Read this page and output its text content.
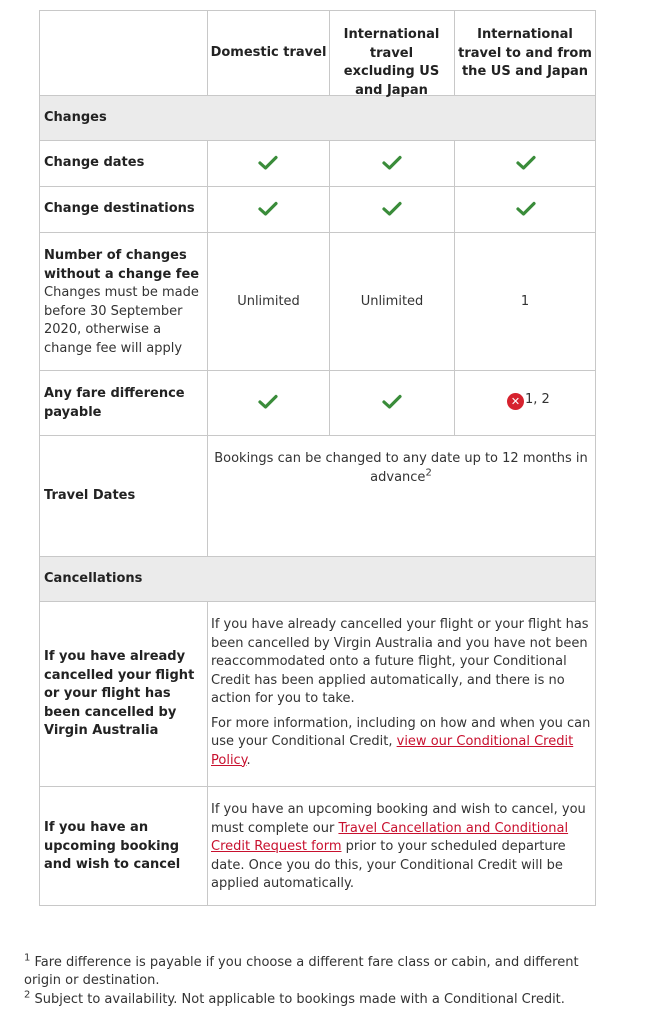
Domestic travel
International travel excluding US and Japan
International travel to and from the US and Japan
Changes
Change dates
Change destinations
Number of changes without a change fee
Changes must be made before 30 September 2020, otherwise a change fee will apply
Unlimited	Unlimited	1
Any fare difference payable
✕ 1, 2
Travel Dates
Bookings can be changed to any date up to 12 months in advance$^2$
Cancellations
If you have already cancelled your flight or your flight has been cancelled by Virgin Australia

If you have already cancelled your flight or your flight has been cancelled by Virgin Australia and you have not been reaccommodated onto a future flight, your Conditional Credit has been applied automatically, and there is no action for you to take.

For more information, including on how and when you can use your Conditional Credit, view our Conditional Credit Policy.

If you have an upcoming booking and wish to cancel
If you have an upcoming booking and wish to cancel, you must complete our Travel Cancellation and Conditional Credit Request form prior to your scheduled departure date. Once you do this, your Conditional Credit will be applied automatically.
$^1$ Fare difference is payable if you choose a different fare class or cabin, and different origin or destination.
$^2$ Subject to availability. Not applicable to bookings made with a Conditional Credit.
